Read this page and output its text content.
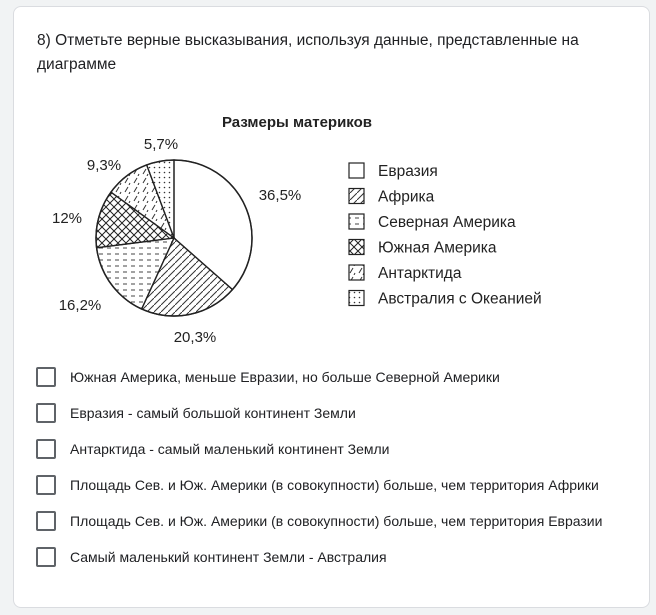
8) Отметьте верные высказывания, используя данные, представленные на диаграмме
Размеры материков
36,5%
20,3%
16,2%
12%
9,3%
5,7%
Евразия
Африка
Северная Америка
Южная Америка
Антарктида
Австралия с Океанией
Южная Америка, меньше Евразии, но больше Северной Америки
Евразия - самый большой континент Земли
Антарктида - самый маленький континент Земли
Площадь Сев. и Юж. Америки (в совокупности) больше, чем территория Африки
Площадь Сев. и Юж. Америки (в совокупности) больше, чем территория Евразии
Самый маленький континент Земли - Австралия
